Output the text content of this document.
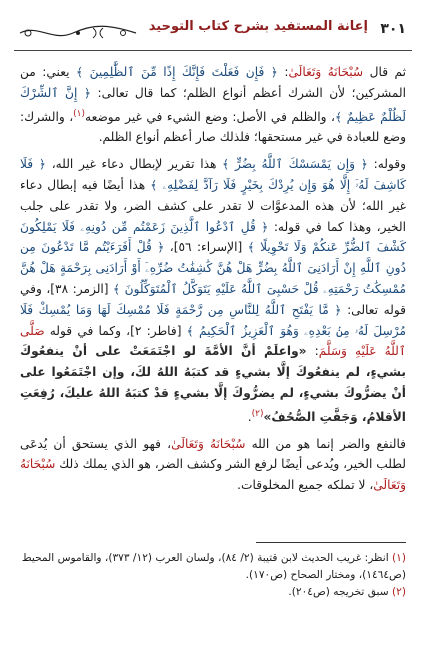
٣٠١
إعانة المستفيد بشرح كتاب التوحيد

ثم قال سُبْحَانَهُ وَتَعَالَىٰ: ﴿ فَإِن فَعَلْتَ فَإِنَّكَ إِذًا مِّنَ ٱلظَّٰلِمِينَ ﴾ يعني: من المشركين؛ لأن الشرك أعظم أنواع الظلم؛ كما قال تعالى: ﴿ إِنَّ ٱلشِّرْكَ لَظُلْمٌ عَظِيمٌ ﴾، والظلم في الأصل: وضع الشيء في غير موضعه$^{(١)}$، والشرك: وضع للعبادة في غير مستحقها؛ فلذلك صار أعظم أنواع الظلم.

وقوله: ﴿ وَإِن يَمْسَسْكَ ٱللَّهُ بِضُرٍّ ﴾ هذا تقرير لإبطال دعاء غير الله، ﴿ فَلَا كَاشِفَ لَهُۥٓ إِلَّا هُوَ وَإِن يُرِدْكَ بِخَيْرٍ فَلَا رَآدَّ لِفَضْلِهِۦ ﴾ هذا أيضًا فيه إبطال دعاء غير الله؛ لأن هذه المدعوَّات لا تقدر على كشف الضر، ولا تقدر على جلب الخير، وهذا كما في قوله: ﴿ قُلِ ٱدْعُوا ٱلَّذِينَ زَعَمْتُم مِّن دُونِهِۦ فَلَا يَمْلِكُونَ كَشْفَ ٱلضُّرِّ عَنكُمْ وَلَا تَحْوِيلًا ﴾ [الإسراء: ٥٦]، ﴿ قُلْ أَفَرَءَيْتُم مَّا تَدْعُونَ مِن دُونِ ٱللَّهِ إِنْ أَرَادَنِىَ ٱللَّهُ بِضُرٍّ هَلْ هُنَّ كَٰشِفَٰتُ ضُرِّهِۦٓ أَوْ أَرَادَنِى بِرَحْمَةٍ هَلْ هُنَّ مُمْسِكَٰتُ رَحْمَتِهِۦ قُلْ حَسْبِىَ ٱللَّهُ عَلَيْهِ يَتَوَكَّلُ ٱلْمُتَوَكِّلُونَ ﴾ [الزمر: ٣٨]، وفي قوله تعالى: ﴿ مَّا يَفْتَحِ ٱللَّهُ لِلنَّاسِ مِن رَّحْمَةٍ فَلَا مُمْسِكَ لَهَا وَمَا يُمْسِكْ فَلَا مُرْسِلَ لَهُۥ مِنۢ بَعْدِهِۦ وَهُوَ ٱلْعَزِيزُ ٱلْحَكِيمُ ﴾ [فاطر: ٢]، وكما في قوله صَلَّى ٱللَّهُ عَلَيْهِ وَسَلَّمَ: «واعلَمْ أنَّ الأمَّةَ لو اجْتَمَعَتْ على أنْ ينفعُوكَ بشيءٍ، لم ينفعُوكَ إلَّا بشيءٍ قد كتبَهُ اللهُ لكَ، وإن اجْتَمَعُوا على أنْ يضرُّوكَ بشيءٍ، لم يضرُّوكَ إلَّا بشيءٍ قدْ كتبَهُ اللهُ عليكَ، رُفِعَتِ الأقلامُ، وَجَفَّتِ الصُّحُفُ»$^{(٢)}$.

فالنفع والضر إنما هو من الله سُبْحَانَهُ وَتَعَالَىٰ، فهو الذي يستحق أن يُدعَى لطلب الخير، ويُدعى أيضًا لرفع الشر وكشف الضر، هو الذي يملك ذلك سُبْحَانَهُ وَتَعَالَىٰ، لا تملكه جميع المخلوقات.

(١) انظر: غريب الحديث لابن قتيبة (٢/ ٨٤)، ولسان العرب (١٢/ ٣٧٣)، والقاموس المحيط (ص١٤٦٤)، ومختار الصحاح (ص١٧٠).
(٢) سبق تخريجه (ص٢٠٤).
